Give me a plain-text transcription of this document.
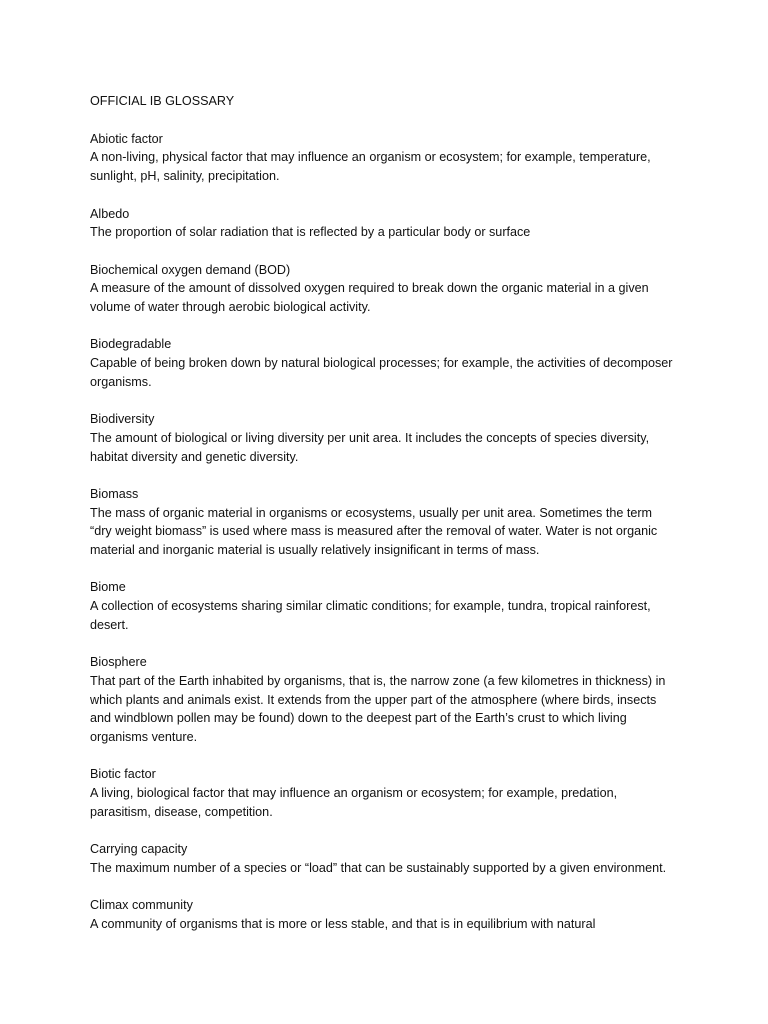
OFFICIAL IB GLOSSARY
Abiotic factor
A non-living, physical factor that may influence an organism or ecosystem; for example, temperature,
sunlight, pH, salinity, precipitation.
Albedo
The proportion of solar radiation that is reflected by a particular body or surface
Biochemical oxygen demand (BOD)
A measure of the amount of dissolved oxygen required to break down the organic material in a given
volume of water through aerobic biological activity.
Biodegradable
Capable of being broken down by natural biological processes; for example, the activities of decomposer
organisms.
Biodiversity
The amount of biological or living diversity per unit area. It includes the concepts of species diversity,
habitat diversity and genetic diversity.
Biomass
The mass of organic material in organisms or ecosystems, usually per unit area. Sometimes the term
“dry weight biomass” is used where mass is measured after the removal of water. Water is not organic
material and inorganic material is usually relatively insignificant in terms of mass.
Biome
A collection of ecosystems sharing similar climatic conditions; for example, tundra, tropical rainforest,
desert.
Biosphere
That part of the Earth inhabited by organisms, that is, the narrow zone (a few kilometres in thickness) in
which plants and animals exist. It extends from the upper part of the atmosphere (where birds, insects
and windblown pollen may be found) down to the deepest part of the Earth’s crust to which living
organisms venture.
Biotic factor
A living, biological factor that may influence an organism or ecosystem; for example, predation,
parasitism, disease, competition.
Carrying capacity
The maximum number of a species or “load” that can be sustainably supported by a given environment.
Climax community
A community of organisms that is more or less stable, and that is in equilibrium with natural
